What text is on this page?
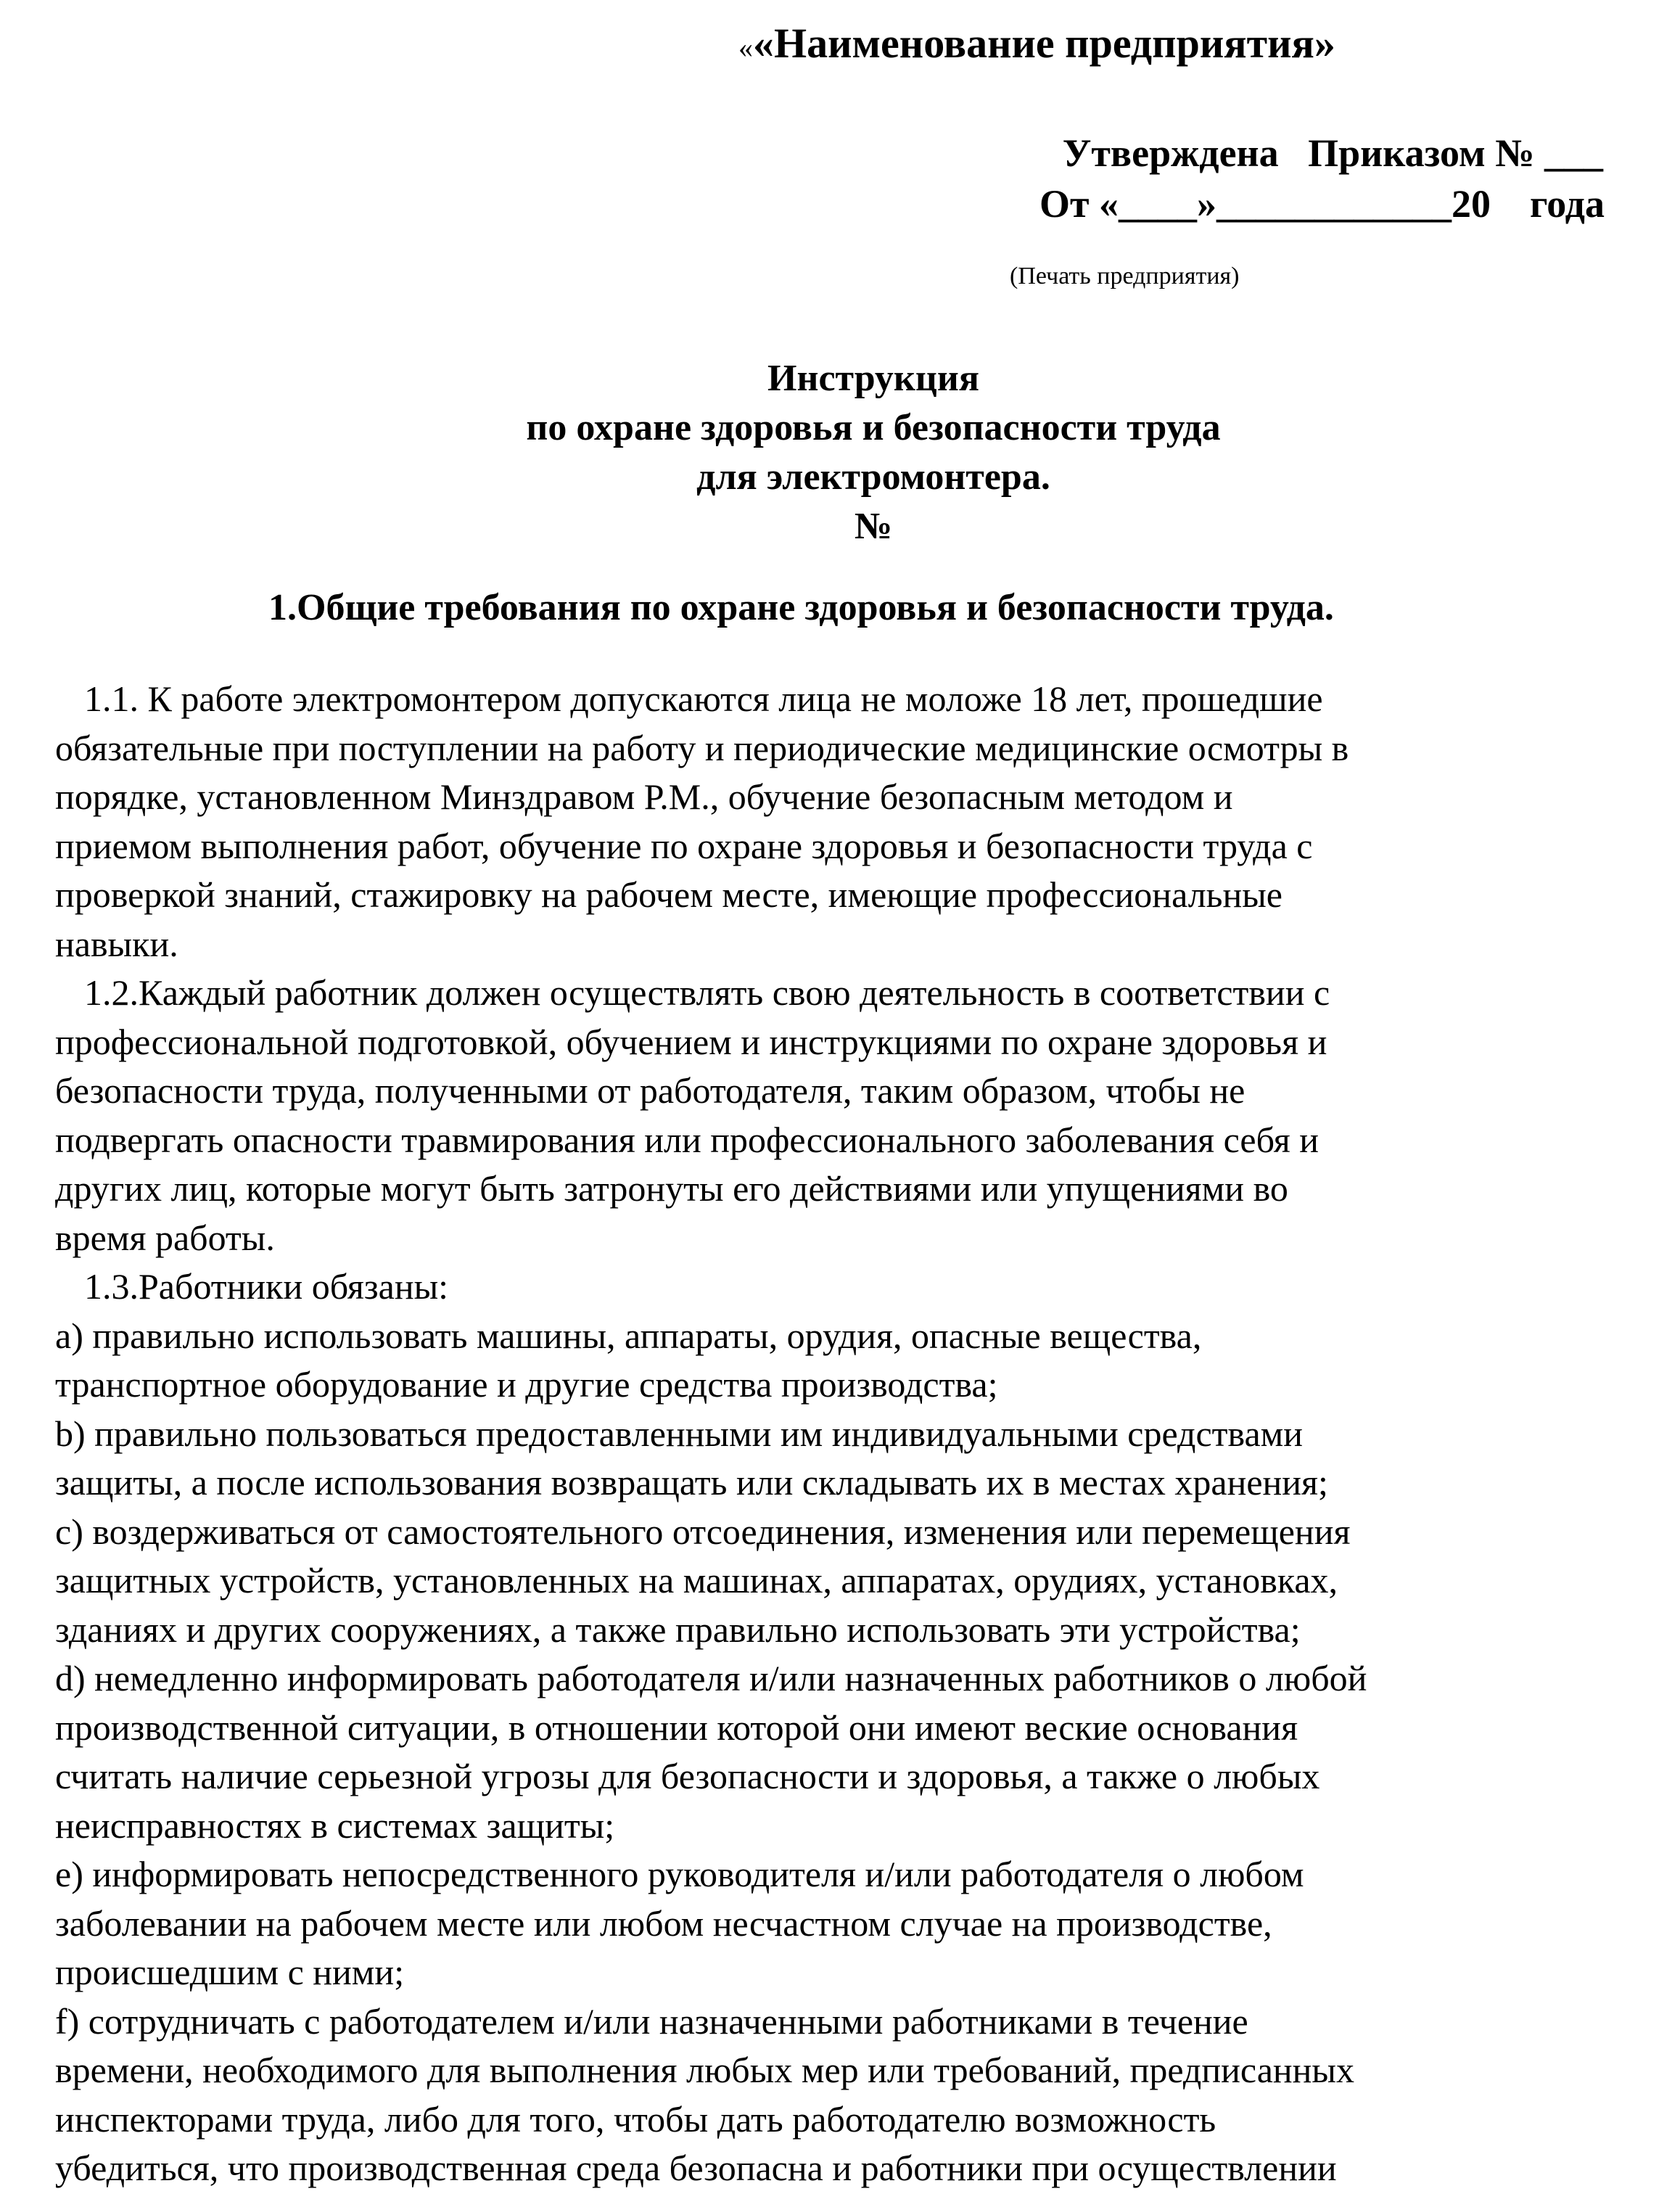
««Наименование предприятия»
Утверждена   Приказом № ___
От «____»____________20    года
(Печать предприятия)
Инструкция
по охране здоровья и безопасности труда
для электромонтера.
№
1.Общие требования по охране здоровья и безопасности труда.
1.1. К работе электромонтером допускаются лица не моложе 18 лет, прошедшие
обязательные при поступлении на работу и периодические медицинские осмотры в
порядке, установленном Минздравом Р.М., обучение безопасным методом и
приемом выполнения работ, обучение по охране здоровья и безопасности труда с
проверкой знаний, стажировку на рабочем месте, имеющие профессиональные
навыки.
1.2.Каждый работник должен осуществлять свою деятельность в соответствии с
профессиональной подготовкой, обучением и инструкциями по охране здоровья и
безопасности труда, полученными от работодателя, таким образом, чтобы не
подвергать опасности травмирования или профессионального заболевания себя и
других лиц, которые могут быть затронуты его действиями или упущениями во
время работы.
1.3.Работники обязаны:
a) правильно использовать машины, аппараты, орудия, опасные вещества,
транспортное оборудование и другие средства производства;
b) правильно пользоваться предоставленными им индивидуальными средствами
защиты, а после использования возвращать или складывать их в местах хранения;
c) воздерживаться от самостоятельного отсоединения, изменения или перемещения
защитных устройств, установленных на машинах, аппаратах, орудиях, установках,
зданиях и других сооружениях, а также правильно использовать эти устройства;
d) немедленно информировать работодателя и/или назначенных работников о любой
производственной ситуации, в отношении которой они имеют веские основания
считать наличие серьезной угрозы для безопасности и здоровья, а также о любых
неисправностях в системах защиты;
e) информировать непосредственного руководителя и/или работодателя о любом
заболевании на рабочем месте или любом несчастном случае на производстве,
происшедшим с ними;
f) сотрудничать с работодателем и/или назначенными работниками в течение
времени, необходимого для выполнения любых мер или требований, предписанных
инспекторами труда, либо для того, чтобы дать работодателю возможность
убедиться, что производственная среда безопасна и работники при осуществлении
